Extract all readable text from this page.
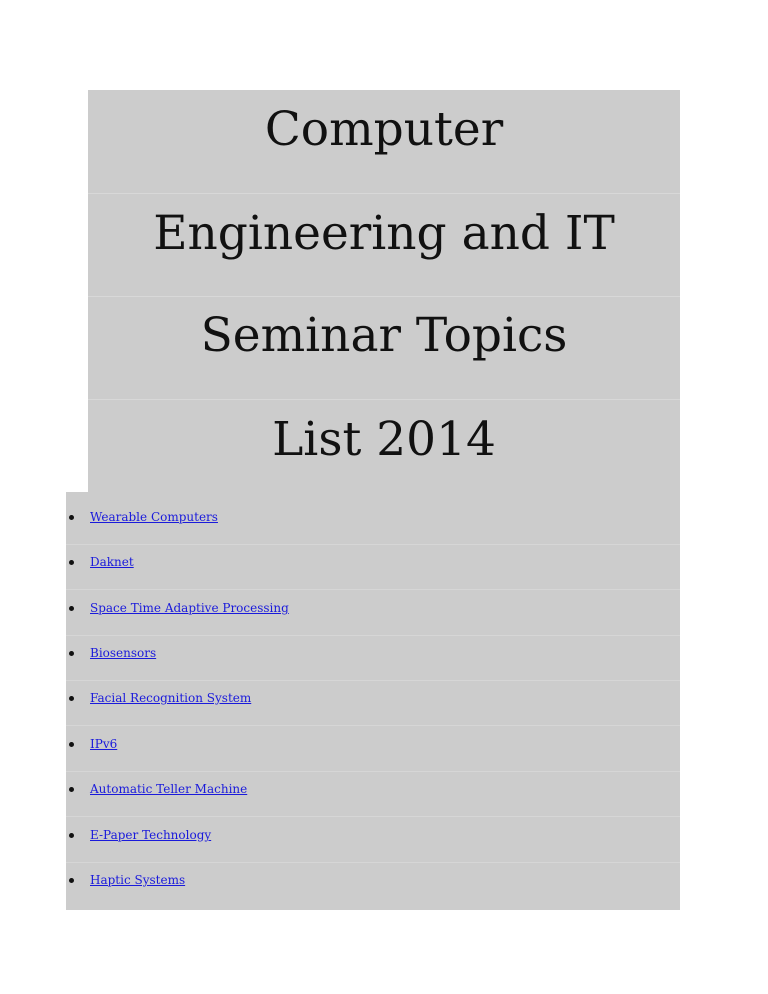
Computer
Engineering and IT
Seminar Topics
List 2014
Wearable Computers
Daknet
Space Time Adaptive Processing
Biosensors
Facial Recognition System
IPv6
Automatic Teller Machine
E-Paper Technology
Haptic Systems
